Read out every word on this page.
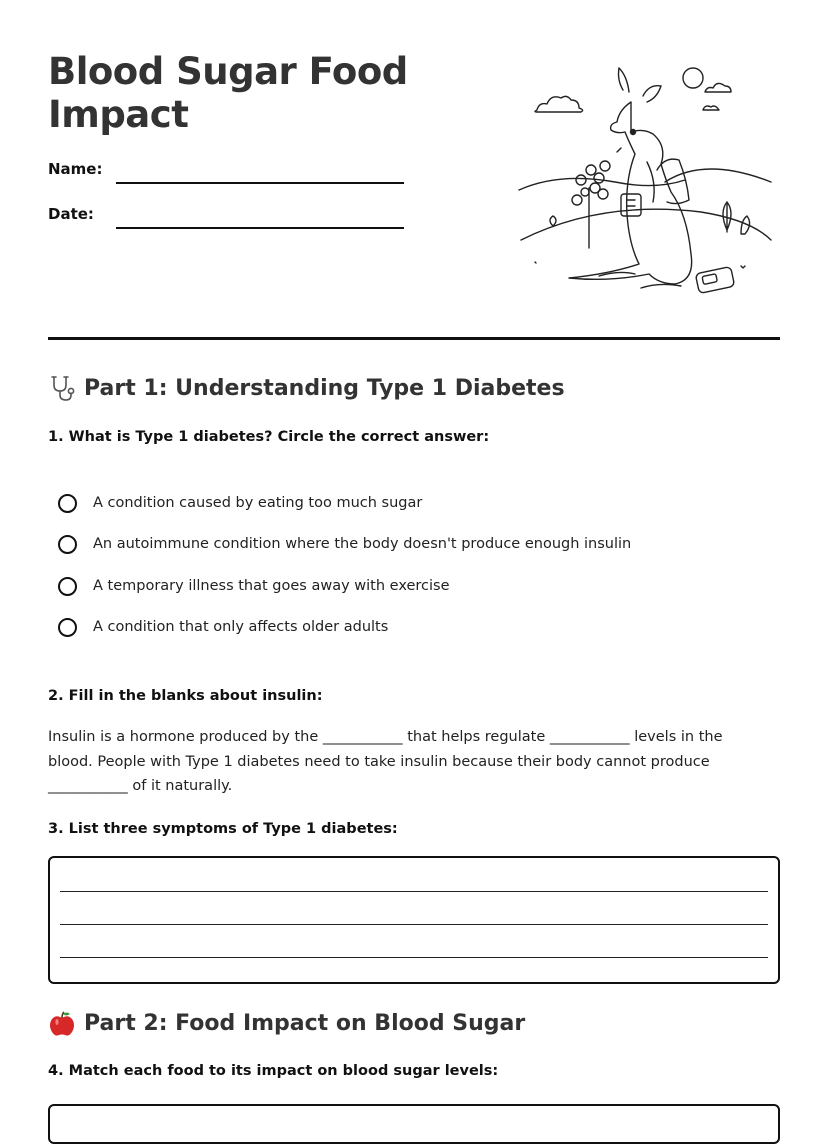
Blood Sugar Food Impact
Name:
Date:
Part 1: Understanding Type 1 Diabetes

1. What is Type 1 diabetes? Circle the correct answer:

A condition caused by eating too much sugar
An autoimmune condition where the body doesn't produce enough insulin
A temporary illness that goes away with exercise
A condition that only affects older adults

2. Fill in the blanks about insulin:

Insulin is a hormone produced by the ___________ that helps regulate ___________ levels in the blood. People with Type 1 diabetes need to take insulin because their body cannot produce ___________ of it naturally.

3. List three symptoms of Type 1 diabetes:

Part 2: Food Impact on Blood Sugar

4. Match each food to its impact on blood sugar levels:
